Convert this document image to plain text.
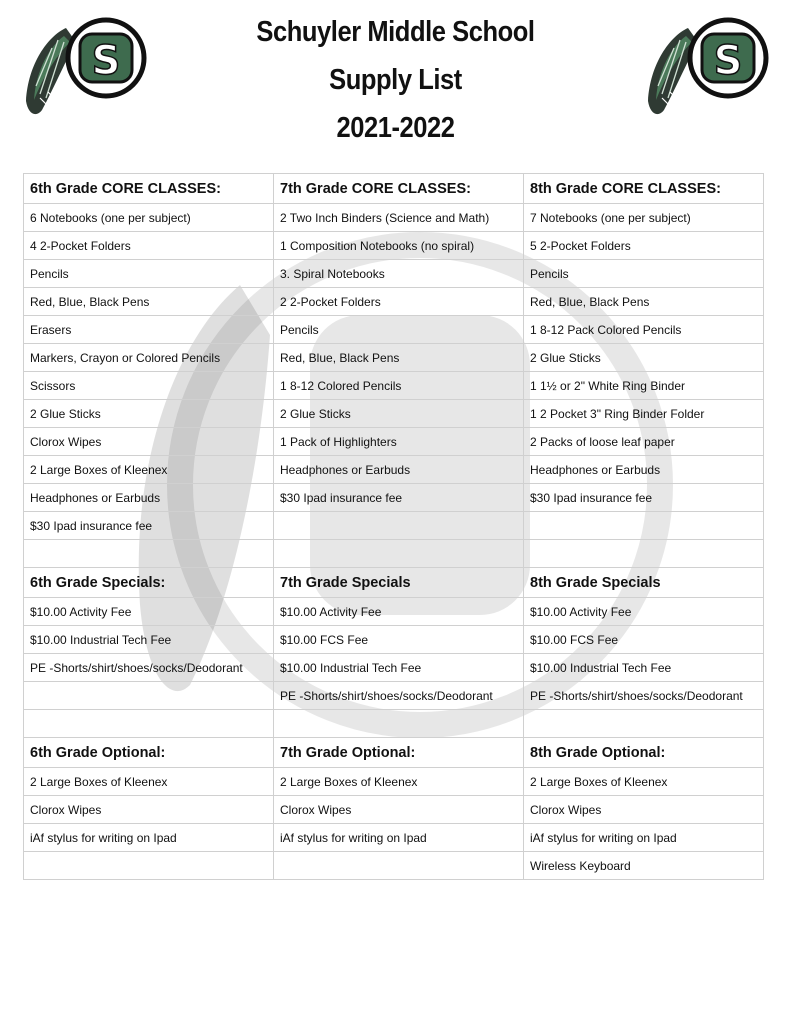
Schuyler Middle School
Supply List
2021-2022
S	S
6th Grade CORE CLASSES:	7th Grade CORE CLASSES:	8th Grade CORE CLASSES:
6 Notebooks (one per subject)	2 Two Inch Binders (Science and Math)	7 Notebooks (one per subject)
4 2-Pocket Folders	1 Composition Notebooks (no spiral)	5 2-Pocket Folders
Pencils	3. Spiral Notebooks	Pencils
Red, Blue, Black Pens	2 2-Pocket Folders	Red, Blue, Black Pens
Erasers	Pencils	1 8-12 Pack Colored Pencils
Markers, Crayon or Colored Pencils	Red, Blue, Black Pens	2 Glue Sticks
Scissors	1 8-12 Colored Pencils	1 1½ or 2" White Ring Binder
2 Glue Sticks	2 Glue Sticks	1 2 Pocket 3" Ring Binder Folder
Clorox Wipes	1 Pack of Highlighters	2 Packs of loose leaf paper
2 Large Boxes of Kleenex	Headphones or Earbuds	Headphones or Earbuds
Headphones or Earbuds	$30 Ipad insurance fee	$30 Ipad insurance fee
$30 Ipad insurance fee		

6th Grade Specials:	7th Grade Specials	8th Grade Specials
$10.00 Activity Fee	$10.00 Activity Fee	$10.00 Activity Fee
$10.00 Industrial Tech Fee	$10.00 FCS Fee	$10.00 FCS Fee
PE -Shorts/shirt/shoes/socks/Deodorant	$10.00 Industrial Tech Fee	$10.00 Industrial Tech Fee
	PE -Shorts/shirt/shoes/socks/Deodorant	PE -Shorts/shirt/shoes/socks/Deodorant

6th Grade Optional:	7th Grade Optional:	8th Grade Optional:
2 Large Boxes of Kleenex	2 Large Boxes of Kleenex	2 Large Boxes of Kleenex
Clorox Wipes	Clorox Wipes	Clorox Wipes
iAf stylus for writing on Ipad	iAf stylus for writing on Ipad	iAf stylus for writing on Ipad
		Wireless Keyboard
